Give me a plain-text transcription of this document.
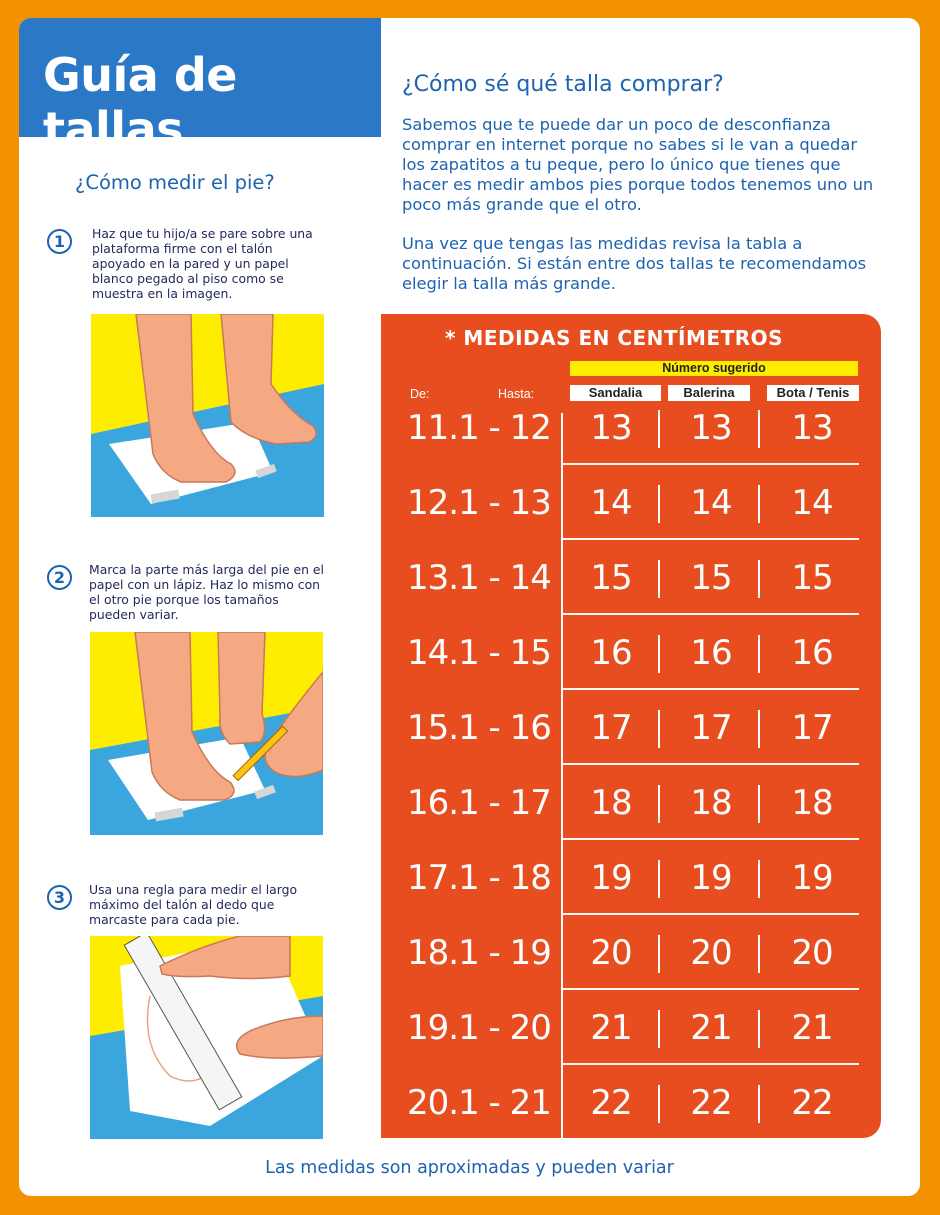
Guía de tallas
¿Cómo sé qué talla comprar?

Sabemos que te puede dar un poco de desconfianza comprar en internet porque no sabes si le van a quedar los zapatitos a tu peque, pero lo único que tienes que hacer es medir ambos pies porque todos tenemos uno un poco más grande que el otro.

Una vez que tengas las medidas revisa la tabla a continuación. Si están entre dos tallas te recomendamos elegir la talla más grande.

¿Cómo medir el pie?
1	Haz que tu hijo/a se pare sobre una plataforma firme con el talón apoyado en la pared y un papel blanco pegado al piso como se muestra en la imagen.

2	Marca la parte más larga del pie en el papel con un lápiz. Haz lo mismo con el otro pie porque los tamaños pueden variar.

3	Usa una regla para medir el largo máximo del talón al dedo que marcaste para cada pie.

* MEDIDAS EN CENTÍMETROS
Número sugerido
De:	Hasta:	Sandalia	Balerina	Bota / Tenis
11.1 - 12	13	13	13
12.1 - 13	14	14	14
13.1 - 14	15	15	15
14.1 - 15	16	16	16
15.1 - 16	17	17	17
16.1 - 17	18	18	18
17.1 - 18	19	19	19
18.1 - 19	20	20	20
19.1 - 20	21	21	21
20.1 - 21	22	22	22

Las medidas son aproximadas y pueden variar
